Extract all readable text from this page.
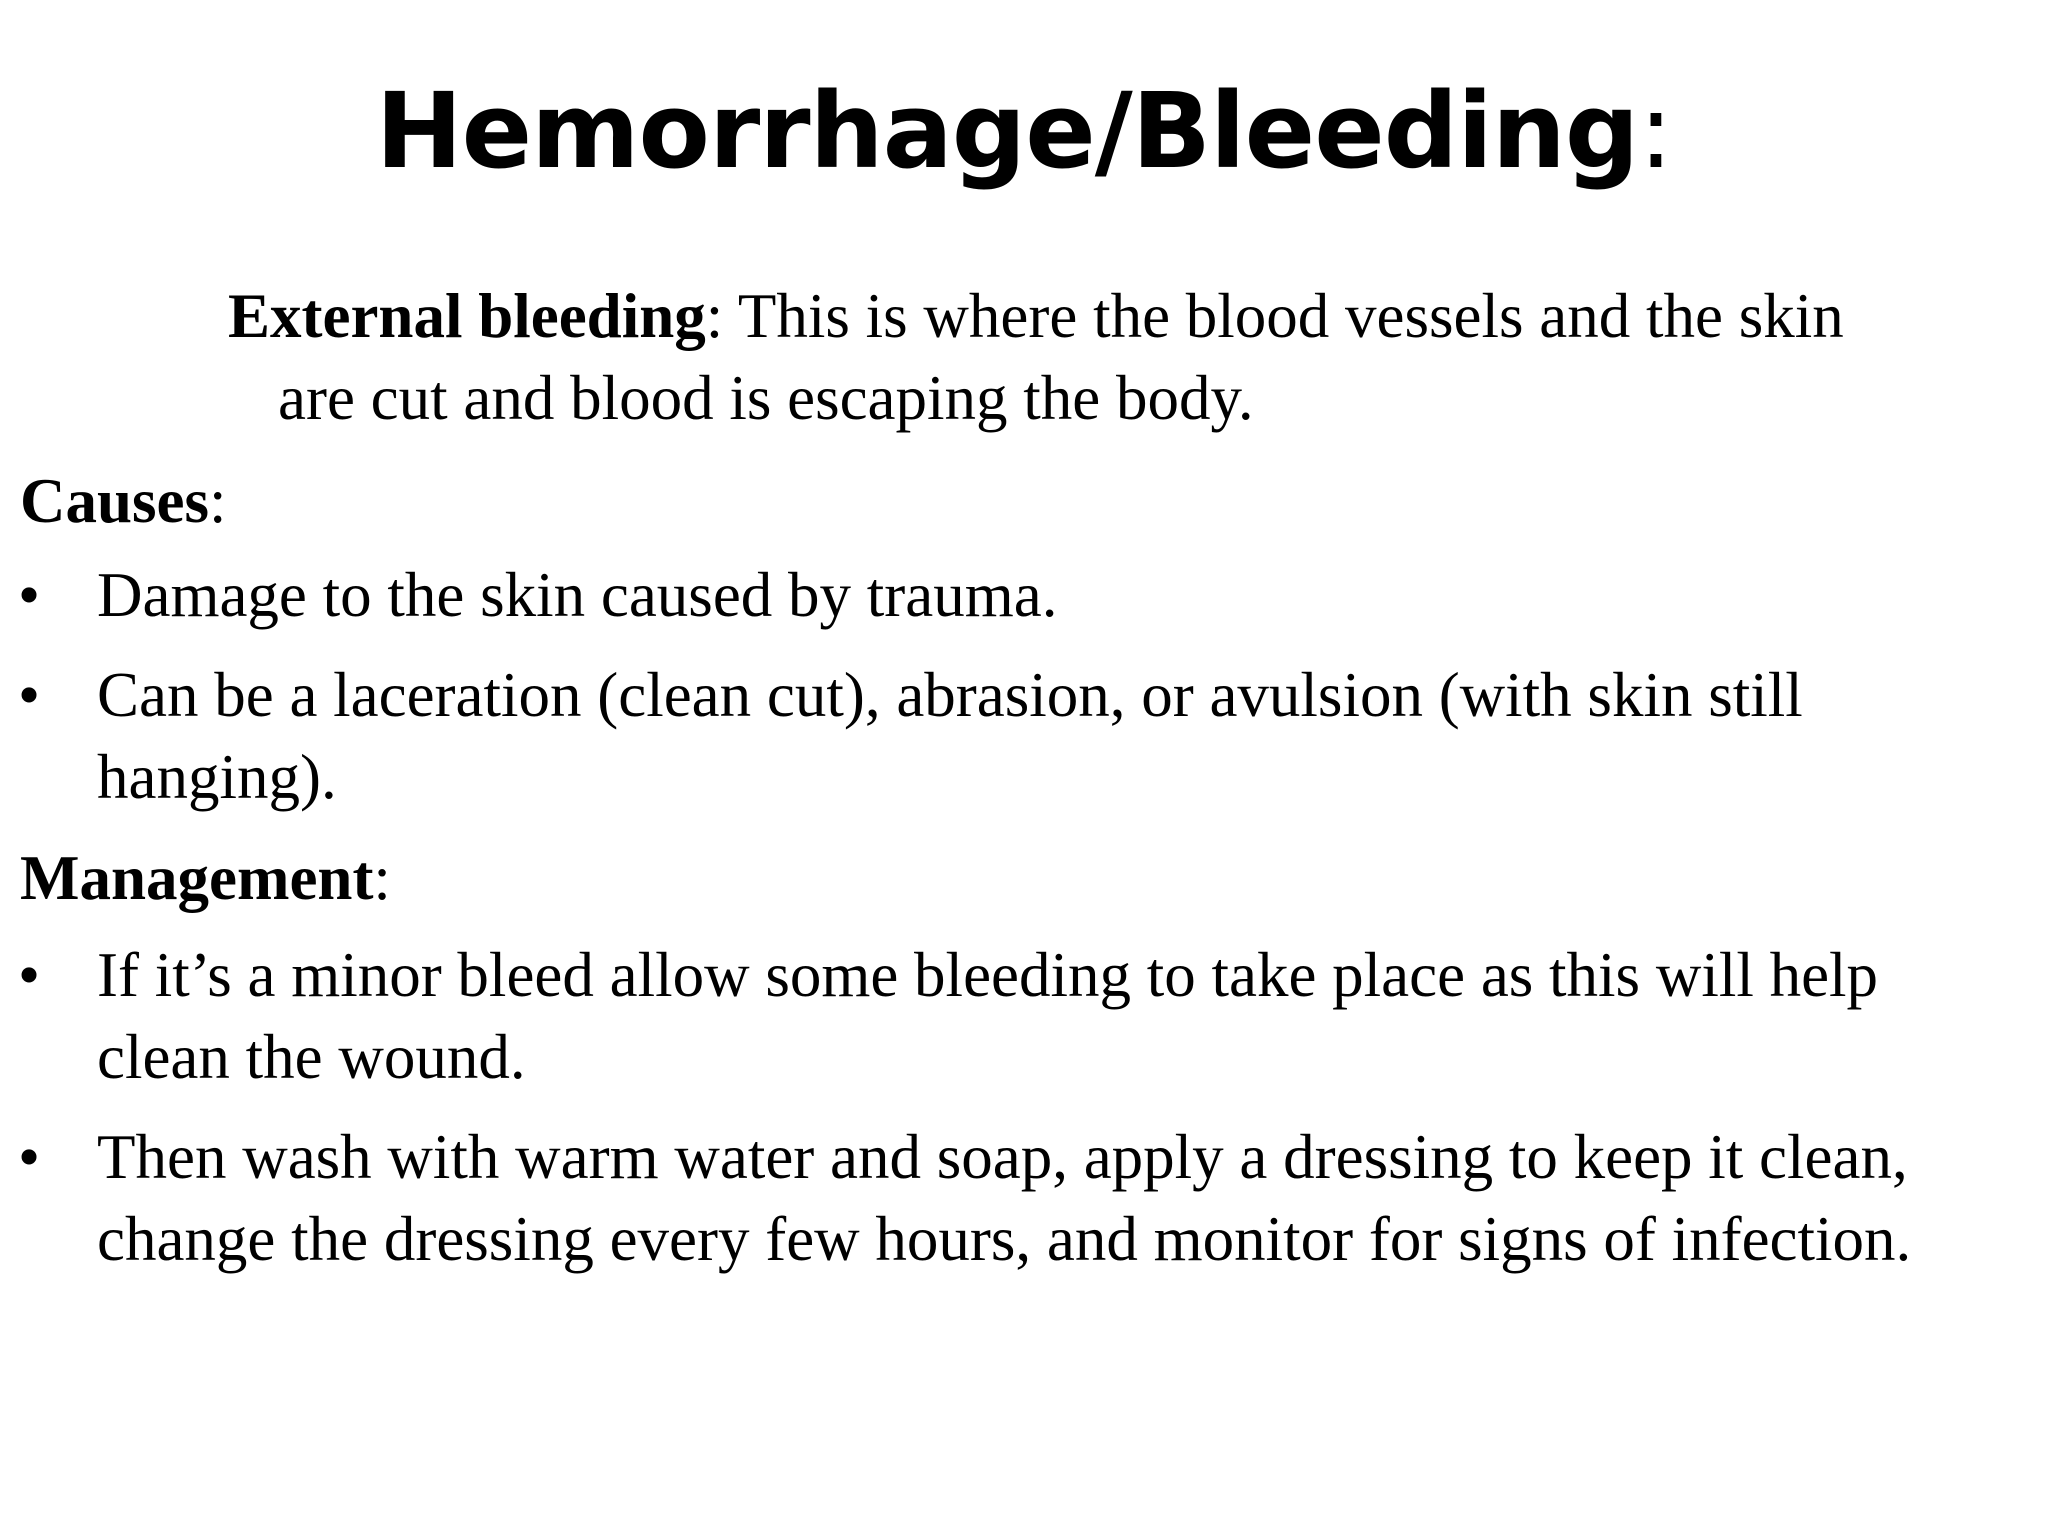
Hemorrhage/Bleeding:

External bleeding: This is where the blood vessels and the skin
are cut and blood is escaping the body.

Causes:

• Damage to the skin caused by trauma.
• Can be a laceration (clean cut), abrasion, or avulsion (with skin still hanging).

Management:

• If it’s a minor bleed allow some bleeding to take place as this will help clean the wound.
• Then wash with warm water and soap, apply a dressing to keep it clean, change the dressing every few hours, and monitor for signs of infection.
